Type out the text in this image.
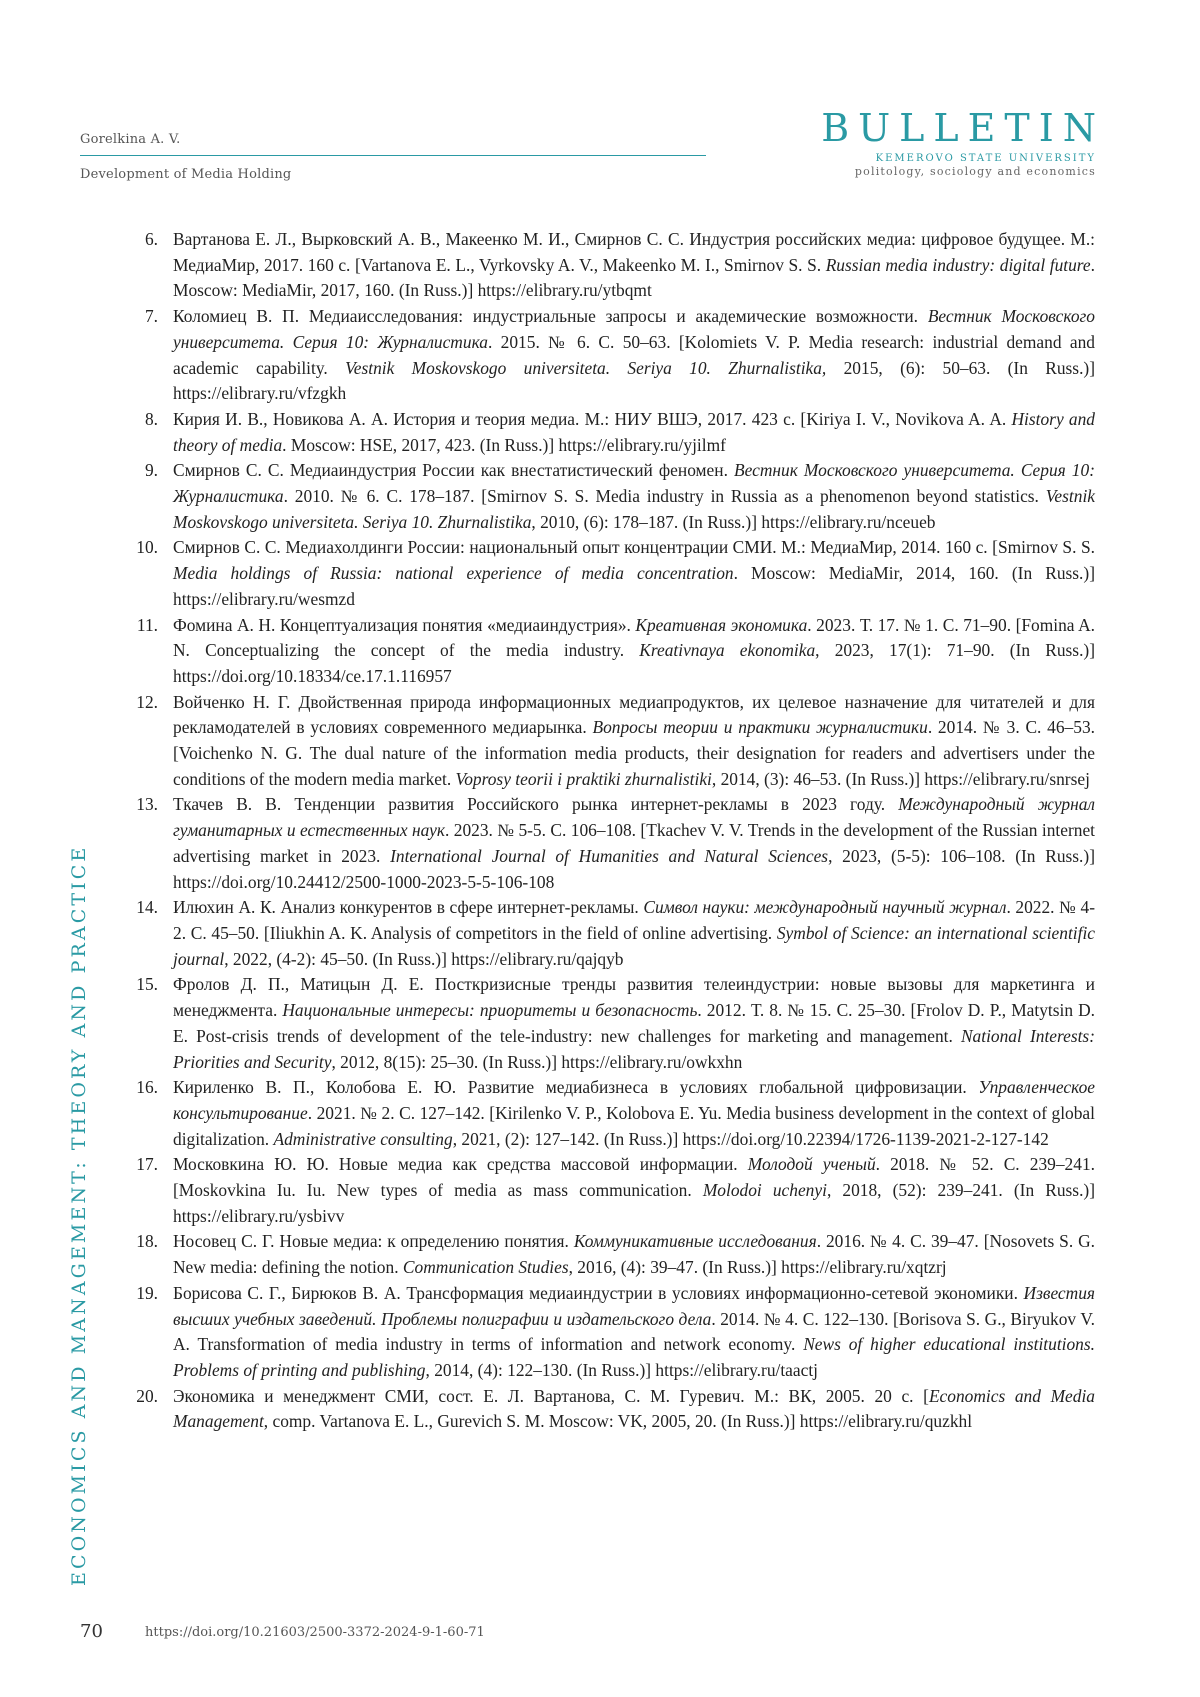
Gorelkina A. V.
Development of Media Holding
BULLETIN
KEMEROVO STATE UNIVERSITY
politology, sociology and economics
ECONOMICS AND MANAGEMENT: THEORY AND PRACTICE
6. Вартанова Е. Л., Вырковский А. В., Макеенко М. И., Смирнов С. С. Индустрия российских медиа: цифровое будущее. М.: МедиаМир, 2017. 160 с. [Vartanova E. L., Vyrkovsky A. V., Makeenko M. I., Smirnov S. S. Russian media industry: digital future. Moscow: MediaMir, 2017, 160. (In Russ.)] https://elibrary.ru/ytbqmt
7. Коломиец В. П. Медиаисследования: индустриальные запросы и академические возможности. Вестник Московского университета. Серия 10: Журналистика. 2015. № 6. С. 50–63. [Kolomiets V. P. Media research: industrial demand and academic capability. Vestnik Moskovskogo universiteta. Seriya 10. Zhurnalistika, 2015, (6): 50–63. (In Russ.)] https://elibrary.ru/vfzgkh
8. Кирия И. В., Новикова А. А. История и теория медиа. М.: НИУ ВШЭ, 2017. 423 с. [Kiriya I. V., Novikova A. A. History and theory of media. Moscow: HSE, 2017, 423. (In Russ.)] https://elibrary.ru/yjilmf
9. Смирнов С. С. Медиаиндустрия России как внестатистический феномен. Вестник Московского университета. Серия 10: Журналистика. 2010. № 6. С. 178–187. [Smirnov S. S. Media industry in Russia as a phenomenon beyond statistics. Vestnik Moskovskogo universiteta. Seriya 10. Zhurnalistika, 2010, (6): 178–187. (In Russ.)] https://elibrary.ru/nceueb
10. Смирнов С. С. Медиахолдинги России: национальный опыт концентрации СМИ. М.: МедиаМир, 2014. 160 с. [Smirnov S. S. Media holdings of Russia: national experience of media concentration. Moscow: MediaMir, 2014, 160. (In Russ.)] https://elibrary.ru/wesmzd
11. Фомина А. Н. Концептуализация понятия «медиаиндустрия». Креативная экономика. 2023. Т. 17. № 1. С. 71–90. [Fomina A. N. Conceptualizing the concept of the media industry. Kreativnaya ekonomika, 2023, 17(1): 71–90. (In Russ.)] https://doi.org/10.18334/ce.17.1.116957
12. Войченко Н. Г. Двойственная природа информационных медиапродуктов, их целевое назначение для читателей и для рекламодателей в условиях современного медиарынка. Вопросы теории и практики журналистики. 2014. № 3. С. 46–53. [Voichenko N. G. The dual nature of the information media products, their designation for readers and advertisers under the conditions of the modern media market. Voprosy teorii i praktiki zhurnalistiki, 2014, (3): 46–53. (In Russ.)] https://elibrary.ru/snrsej
13. Ткачев В. В. Тенденции развития Российского рынка интернет-рекламы в 2023 году. Международный журнал гуманитарных и естественных наук. 2023. № 5-5. С. 106–108. [Tkachev V. V. Trends in the development of the Russian internet advertising market in 2023. International Journal of Humanities and Natural Sciences, 2023, (5-5): 106–108. (In Russ.)] https://doi.org/10.24412/2500-1000-2023-5-5-106-108
14. Илюхин А. К. Анализ конкурентов в сфере интернет-рекламы. Символ науки: международный научный журнал. 2022. № 4-2. С. 45–50. [Iliukhin A. K. Analysis of competitors in the field of online advertising. Symbol of Science: an international scientific journal, 2022, (4-2): 45–50. (In Russ.)] https://elibrary.ru/qajqyb
15. Фролов Д. П., Матицын Д. Е. Посткризисные тренды развития телеиндустрии: новые вызовы для маркетинга и менеджмента. Национальные интересы: приоритеты и безопасность. 2012. Т. 8. № 15. С. 25–30. [Frolov D. P., Matytsin D. E. Post-crisis trends of development of the tele-industry: new challenges for marketing and management. National Interests: Priorities and Security, 2012, 8(15): 25–30. (In Russ.)] https://elibrary.ru/owkxhn
16. Кириленко В. П., Колобова Е. Ю. Развитие медиабизнеса в условиях глобальной цифровизации. Управленческое консультирование. 2021. № 2. С. 127–142. [Kirilenko V. P., Kolobova E. Yu. Media business development in the context of global digitalization. Administrative consulting, 2021, (2): 127–142. (In Russ.)] https://doi.org/10.22394/1726-1139-2021-2-127-142
17. Московкина Ю. Ю. Новые медиа как средства массовой информации. Молодой ученый. 2018. № 52. С. 239–241. [Moskovkina Iu. Iu. New types of media as mass communication. Molodoi uchenyi, 2018, (52): 239–241. (In Russ.)] https://elibrary.ru/ysbivv
18. Носовец С. Г. Новые медиа: к определению понятия. Коммуникативные исследования. 2016. № 4. С. 39–47. [Nosovets S. G. New media: defining the notion. Communication Studies, 2016, (4): 39–47. (In Russ.)] https://elibrary.ru/xqtzrj
19. Борисова С. Г., Бирюков В. А. Трансформация медиаиндустрии в условиях информационно-сетевой экономики. Известия высших учебных заведений. Проблемы полиграфии и издательского дела. 2014. № 4. С. 122–130. [Borisova S. G., Biryukov V. A. Transformation of media industry in terms of information and network economy. News of higher educational institutions. Problems of printing and publishing, 2014, (4): 122–130. (In Russ.)] https://elibrary.ru/taactj
20. Экономика и менеджмент СМИ, сост. Е. Л. Вартанова, С. М. Гуревич. М.: ВК, 2005. 20 с. [Economics and Media Management, comp. Vartanova E. L., Gurevich S. M. Moscow: VK, 2005, 20. (In Russ.)] https://elibrary.ru/quzkhl
70	https://doi.org/10.21603/2500-3372-2024-9-1-60-71
